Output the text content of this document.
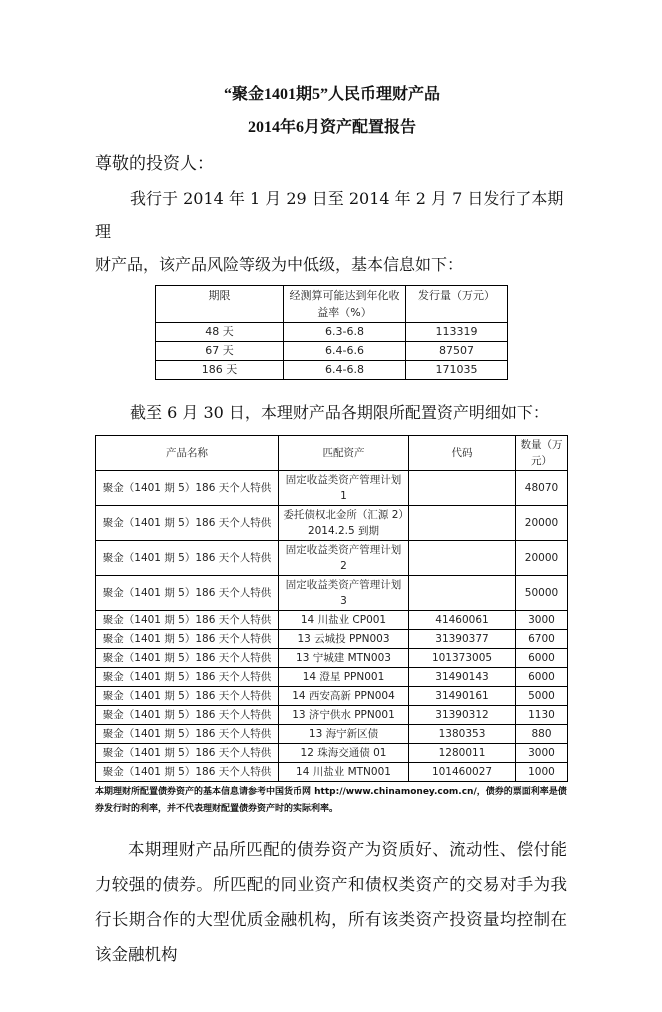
“聚金1401期5”人民币理财产品
2014年6月资产配置报告
尊敬的投资人：
我行于 2014 年 1 月 29 日至 2014 年 2 月 7 日发行了本期理
财产品，该产品风险等级为中低级，基本信息如下：
期限	经测算可能达到年化收益率（%）	发行量（万元）
48 天	6.3-6.8	113319
67 天	6.4-6.6	87507
186 天	6.4-6.8	171035
截至 6 月 30 日，本理财产品各期限所配置资产明细如下：
产品名称	匹配资产	代码	数量（万元）
聚金（1401 期 5）186 天个人特供	固定收益类资产管理计划 1		48070
聚金（1401 期 5）186 天个人特供	委托债权北金所（汇源 2）2014.2.5 到期		20000
聚金（1401 期 5）186 天个人特供	固定收益类资产管理计划 2		20000
聚金（1401 期 5）186 天个人特供	固定收益类资产管理计划 3		50000
聚金（1401 期 5）186 天个人特供	14 川盐业 CP001	41460061	3000
聚金（1401 期 5）186 天个人特供	13 云城投 PPN003	31390377	6700
聚金（1401 期 5）186 天个人特供	13 宁城建 MTN003	101373005	6000
聚金（1401 期 5）186 天个人特供	14 澄星 PPN001	31490143	6000
聚金（1401 期 5）186 天个人特供	14 西安高新 PPN004	31490161	5000
聚金（1401 期 5）186 天个人特供	13 济宁供水 PPN001	31390312	1130
聚金（1401 期 5）186 天个人特供	13 海宁新区债	1380353	880
聚金（1401 期 5）186 天个人特供	12 珠海交通债 01	1280011	3000
聚金（1401 期 5）186 天个人特供	14 川盐业 MTN001	101460027	1000
本期理财所配置债券资产的基本信息请参考中国货币网 http://www.chinamoney.com.cn/，债券的票面利率是债券发行时的利率，并不代表理财配置债券资产时的实际利率。
本期理财产品所匹配的债券资产为资质好、流动性、偿付能力较强的债券。所匹配的同业资产和债权类资产的交易对手为我行长期合作的大型优质金融机构，所有该类资产投资量均控制在该金融机构
